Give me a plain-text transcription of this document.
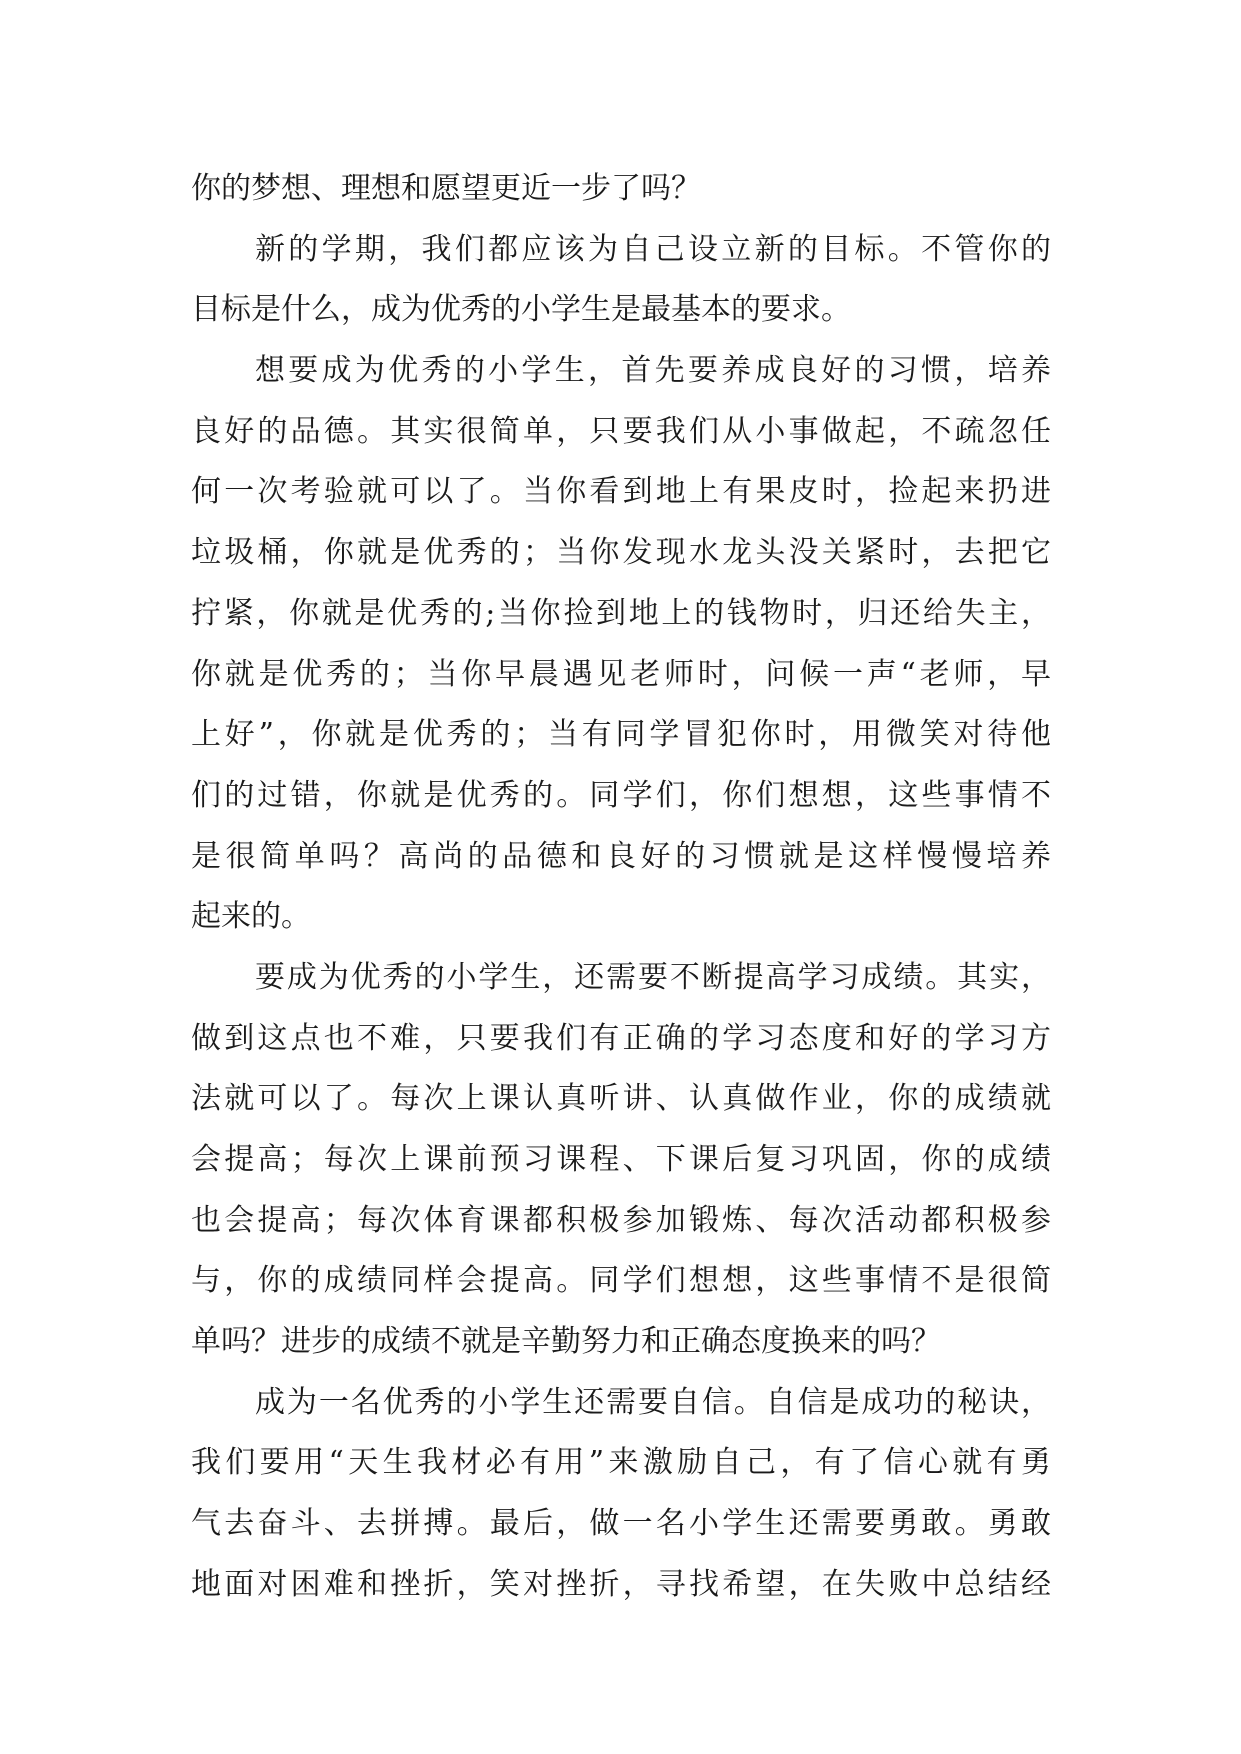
你的梦想、理想和愿望更近一步了吗？
新的学期，我们都应该为自己设立新的目标。不管你的
目标是什么，成为优秀的小学生是最基本的要求。
想要成为优秀的小学生，首先要养成良好的习惯，培养
良好的品德。其实很简单，只要我们从小事做起，不疏忽任
何一次考验就可以了。当你看到地上有果皮时，捡起来扔进
垃圾桶，你就是优秀的；当你发现水龙头没关紧时，去把它
拧紧，你就是优秀的;当你捡到地上的钱物时，归还给失主，
你就是优秀的；当你早晨遇见老师时，问候一声“老师，早
上好”，你就是优秀的；当有同学冒犯你时，用微笑对待他
们的过错，你就是优秀的。同学们，你们想想，这些事情不
是很简单吗？高尚的品德和良好的习惯就是这样慢慢培养
起来的。
要成为优秀的小学生，还需要不断提高学习成绩。其实，
做到这点也不难，只要我们有正确的学习态度和好的学习方
法就可以了。每次上课认真听讲、认真做作业，你的成绩就
会提高；每次上课前预习课程、下课后复习巩固，你的成绩
也会提高；每次体育课都积极参加锻炼、每次活动都积极参
与，你的成绩同样会提高。同学们想想，这些事情不是很简
单吗？进步的成绩不就是辛勤努力和正确态度换来的吗？
成为一名优秀的小学生还需要自信。自信是成功的秘诀，
我们要用“天生我材必有用”来激励自己，有了信心就有勇
气去奋斗、去拼搏。最后，做一名小学生还需要勇敢。勇敢
地面对困难和挫折，笑对挫折，寻找希望，在失败中总结经
